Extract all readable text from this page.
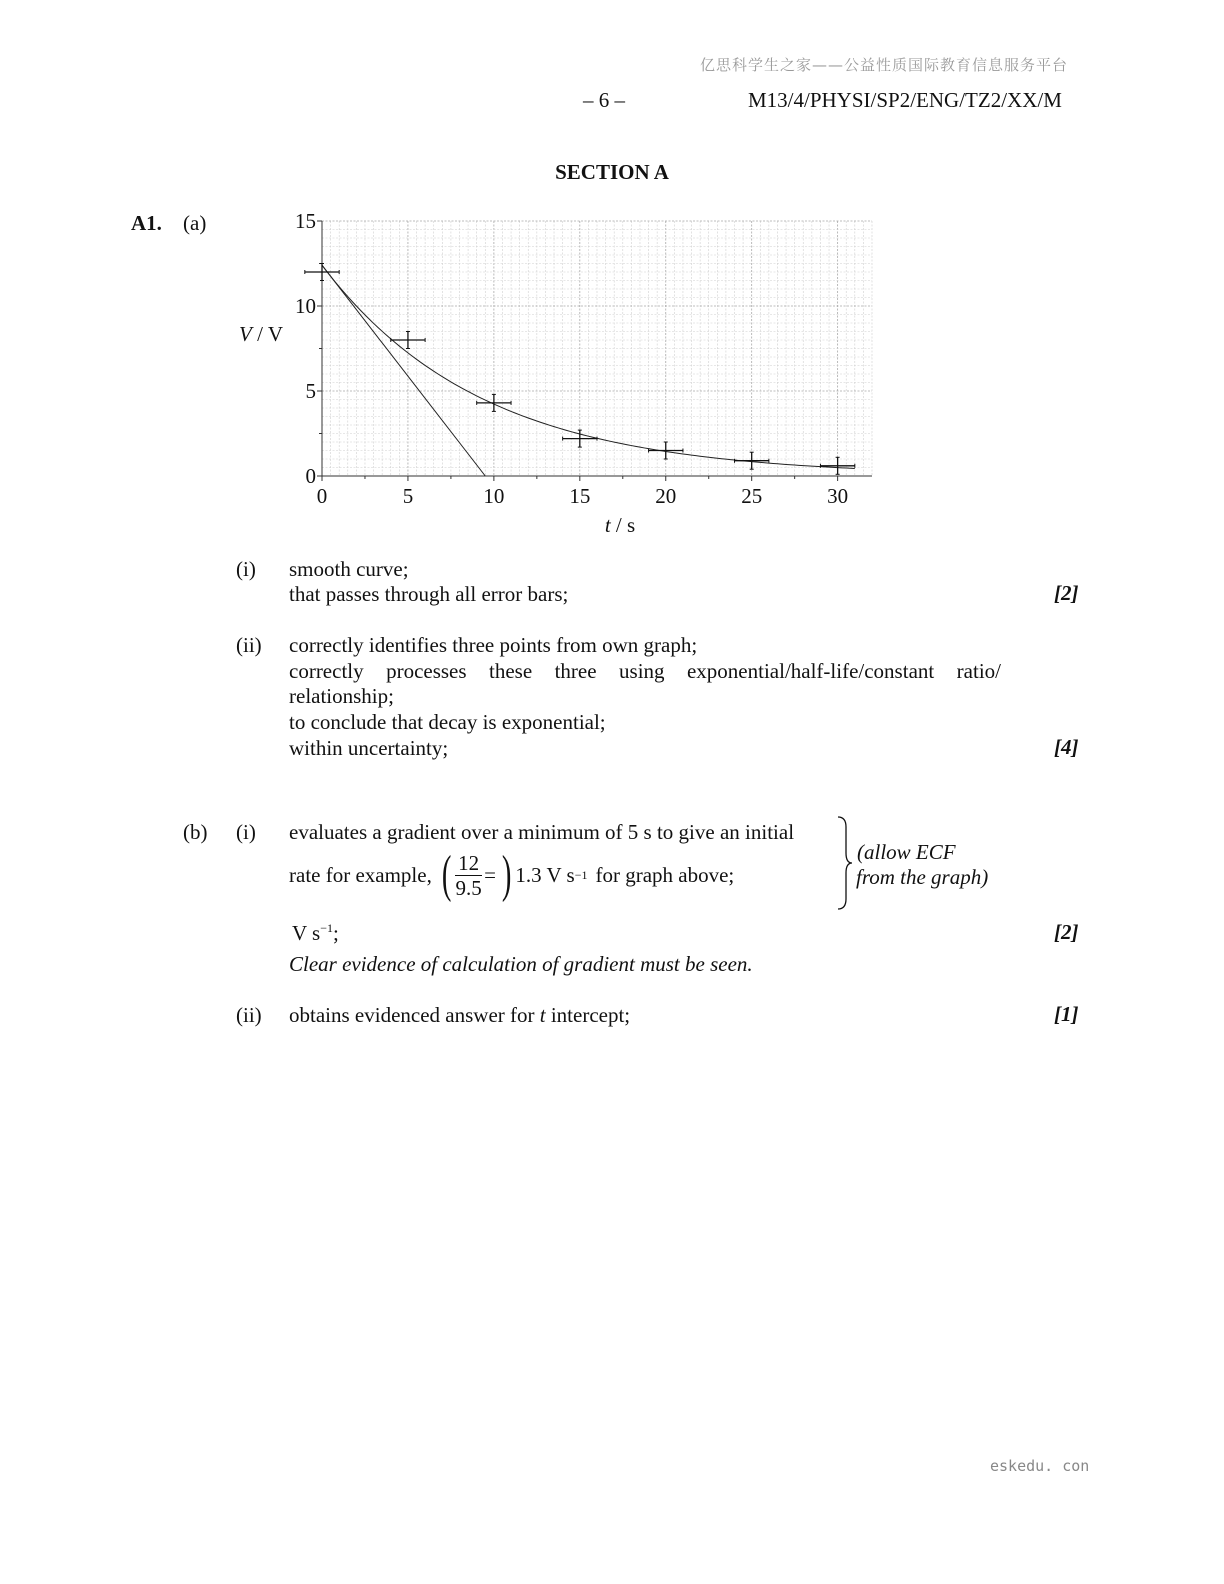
亿思科学生之家——公益性质国际教育信息服务平台
– 6 –	M13/4/PHYSI/SP2/ENG/TZ2/XX/M
SECTION A
A1. (a)
0	5	10	15	20	25	30
0
5
10
15
V / V
t / s
(i) smooth curve;
that passes through all error bars;	[2]
(ii) correctly identifies three points from own graph;
correctly processes these three using exponential/half-life/constant ratio/
relationship;
to conclude that decay is exponential;
within uncertainty;	[4]
(b) (i) evaluates a gradient over a minimum of 5 s to give an initial
rate for example, ( $\frac{12}{9.5}$ = ) 1.3 V s −1 for graph above;
(allow ECF
from the graph)
V $s^{-1}$;	[2]
Clear evidence of calculation of gradient must be seen.
(ii) obtains evidenced answer for t intercept;	[1]
eskedu. con
